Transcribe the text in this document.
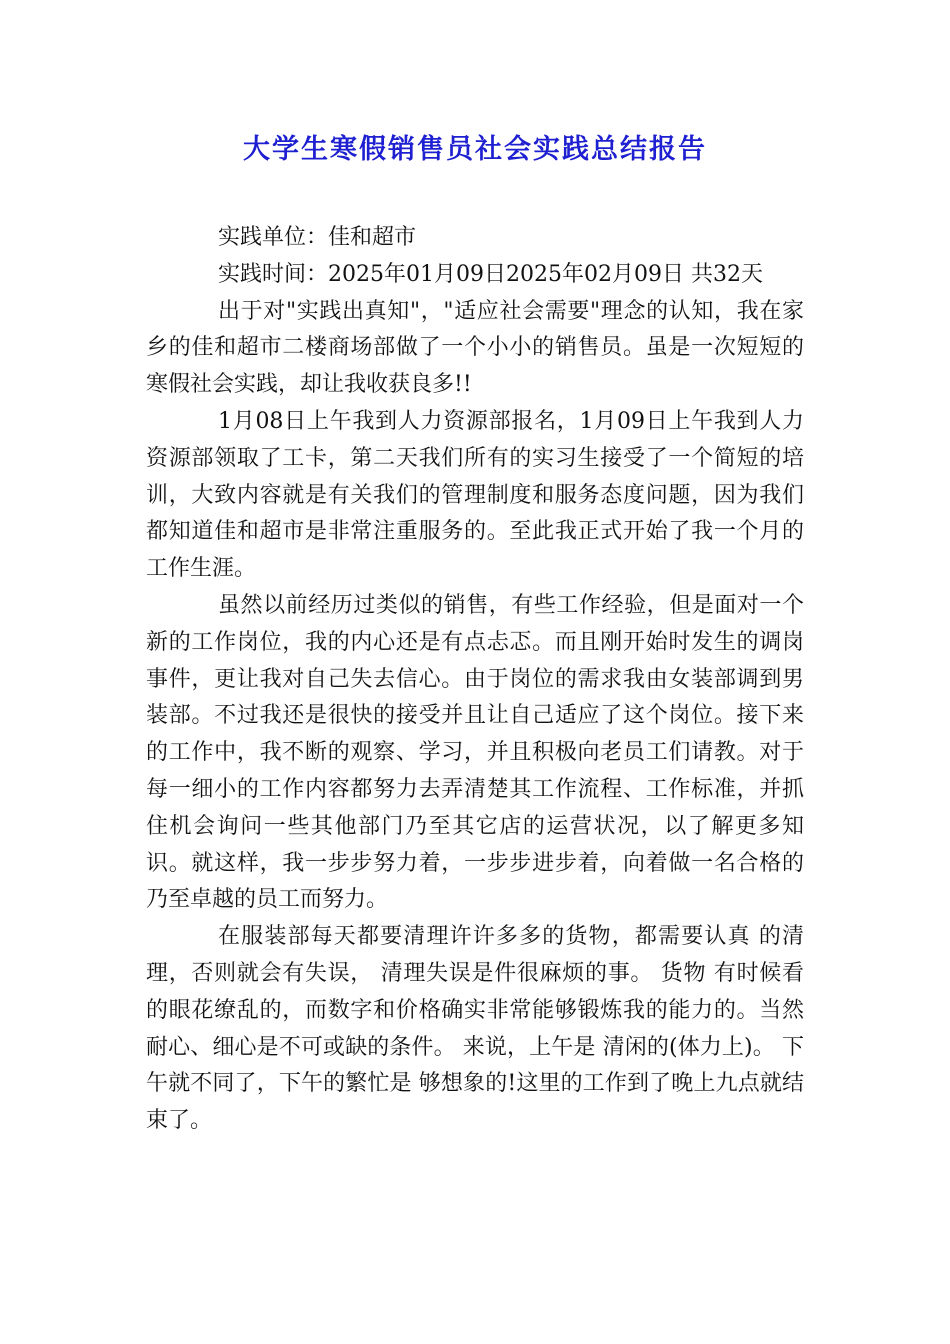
大学生寒假销售员社会实践总结报告

实践单位：佳和超市

实践时间：2025年01月09日2025年02月09日 共32天

出于对"实践出真知"，"适应社会需要"理念的认知，我在家乡的佳和超市二楼商场部做了一个小小的销售员。虽是一次短短的寒假社会实践，却让我收获良多!!

1月08日上午我到人力资源部报名，1月09日上午我到人力资源部领取了工卡，第二天我们所有的实习生接受了一个简短的培训，大致内容就是有关我们的管理制度和服务态度问题，因为我们都知道佳和超市是非常注重服务的。至此我正式开始了我一个月的工作生涯。

虽然以前经历过类似的销售，有些工作经验，但是面对一个新的工作岗位，我的内心还是有点忐忑。而且刚开始时发生的调岗事件，更让我对自己失去信心。由于岗位的需求我由女装部调到男装部。不过我还是很快的接受并且让自己适应了这个岗位。接下来的工作中，我不断的观察、学习，并且积极向老员工们请教。对于每一细小的工作内容都努力去弄清楚其工作流程、工作标准，并抓住机会询问一些其他部门乃至其它店的运营状况，以了解更多知识。就这样，我一步步努力着，一步步进步着，向着做一名合格的乃至卓越的员工而努力。

在服装部每天都要清理许许多多的货物，都需要认真 的清理，否则就会有失误， 清理失误是件很麻烦的事。 货物 有时候看的眼花缭乱的，而数字和价格确实非常能够锻炼我的能力的。当然耐心、细心是不可或缺的条件。 来说，上午是 清闲的(体力上)。 下午就不同了，下午的繁忙是 够想象的!这里的工作到了晚上九点就结束了。
